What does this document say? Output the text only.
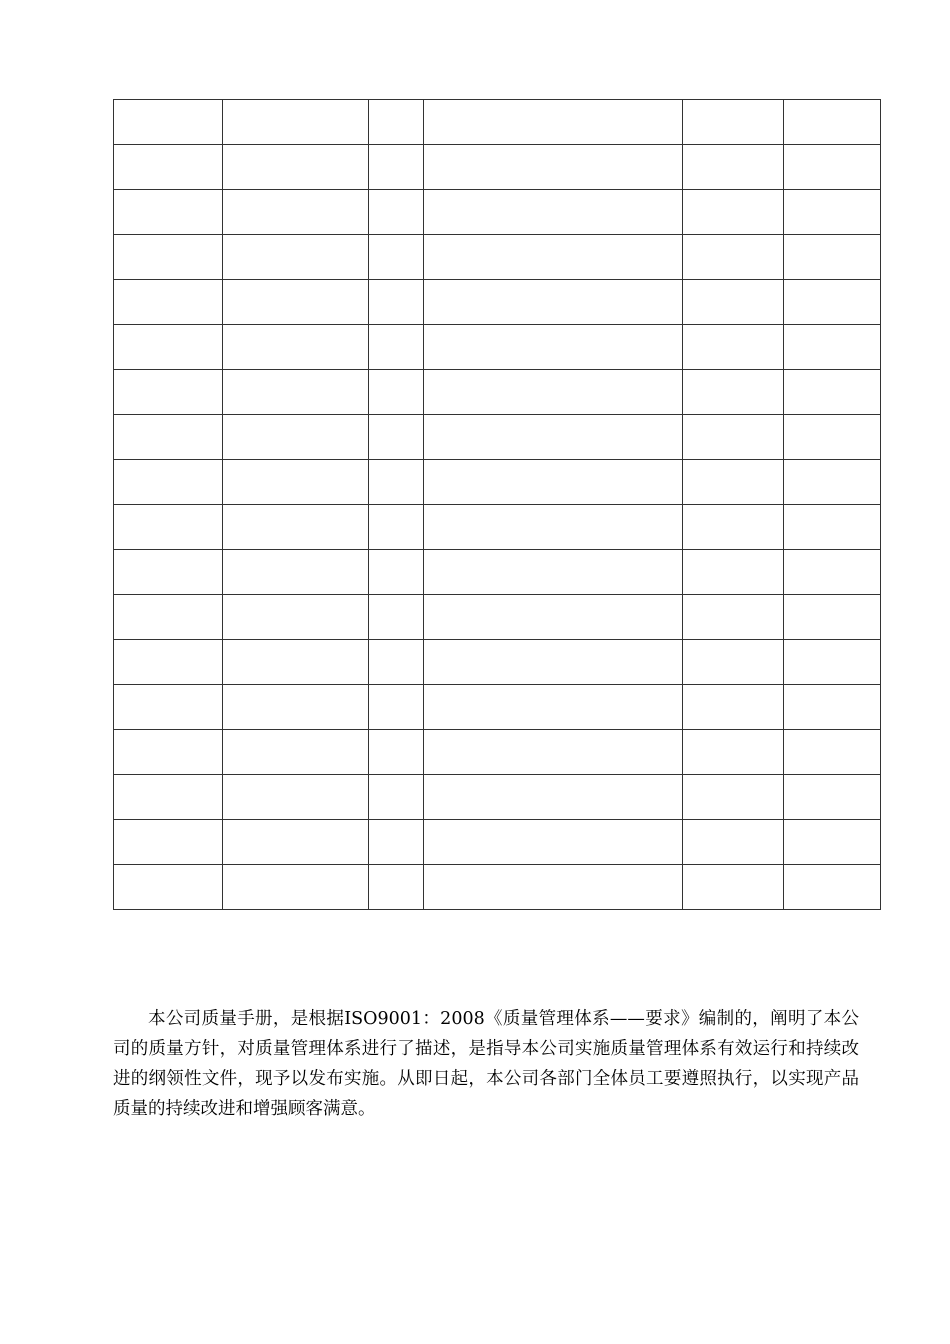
本公司质量手册，是根据ISO9001：2008《质量管理体系——要求》编制的，阐明了本公司的质量方针，对质量管理体系进行了描述，是指导本公司实施质量管理体系有效运行和持续改进的纲领性文件，现予以发布实施。从即日起，本公司各部门全体员工要遵照执行，以实现产品质量的持续改进和增强顾客满意。
